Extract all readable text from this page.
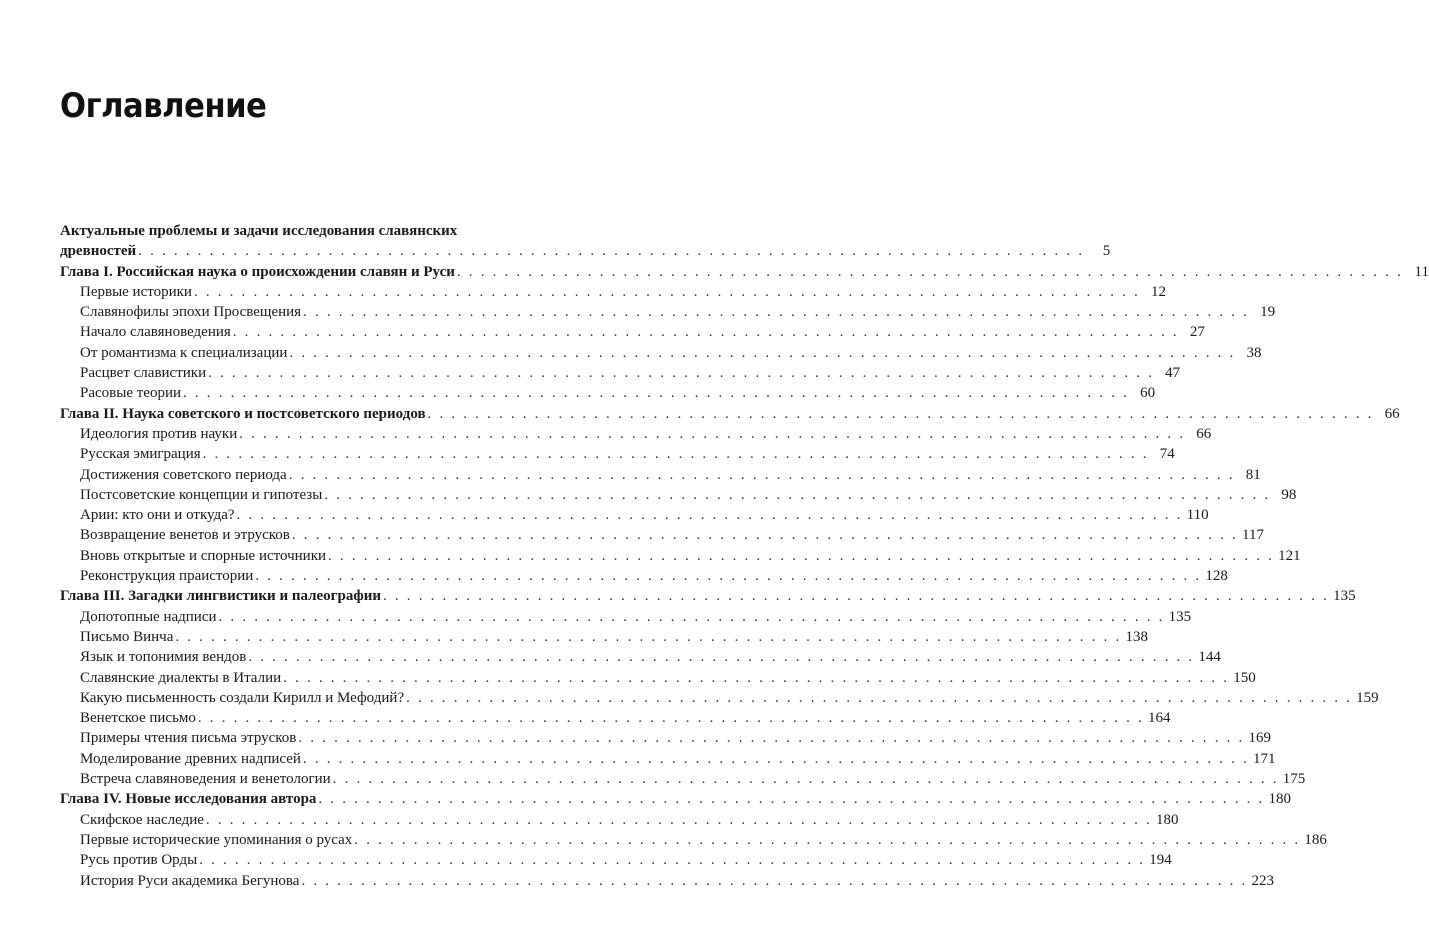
Оглавление
Актуальные проблемы и задачи исследования славянских
древностей . . . . . . . . . . . . . . . . . . . . . . . . . . . . . . . . . . . . . . . . . . . . . . . . . . . . . . . . . . . . . . . . . . . . . . . . . . . . . . . .	5
Глава I. Российская наука о происхождении славян и Руси . . . . . . . . . . . . . . . . . . . . . . . . . . . . . . . . . . . . . . . . . . . . . . . . . . . . . . . . . . . . . . . . . . . . . . . . . . . . . . . . 11
Первые историки . . . . . . . . . . . . . . . . . . . . . . . . . . . . . . . . . . . . . . . . . . . . . . . . . . . . . . . . . . . . . . . . . . . . . . . . . . . . . . . . 12
Славянофилы эпохи Просвещения . . . . . . . . . . . . . . . . . . . . . . . . . . . . . . . . . . . . . . . . . . . . . . . . . . . . . . . . . . . . . . . . . . . . . . . . . . . . . . . . 19
Начало славяноведения . . . . . . . . . . . . . . . . . . . . . . . . . . . . . . . . . . . . . . . . . . . . . . . . . . . . . . . . . . . . . . . . . . . . . . . . . . . . . . . . 27
От романтизма к специализации . . . . . . . . . . . . . . . . . . . . . . . . . . . . . . . . . . . . . . . . . . . . . . . . . . . . . . . . . . . . . . . . . . . . . . . . . . . . . . . . 38
Расцвет славистики . . . . . . . . . . . . . . . . . . . . . . . . . . . . . . . . . . . . . . . . . . . . . . . . . . . . . . . . . . . . . . . . . . . . . . . . . . . . . . . . 47
Расовые теории . . . . . . . . . . . . . . . . . . . . . . . . . . . . . . . . . . . . . . . . . . . . . . . . . . . . . . . . . . . . . . . . . . . . . . . . . . . . . . . . 60
Глава II. Наука советского и постсоветского периодов . . . . . . . . . . . . . . . . . . . . . . . . . . . . . . . . . . . . . . . . . . . . . . . . . . . . . . . . . . . . . . . . . . . . . . . . . . . . . . . . 66
Идеология против науки . . . . . . . . . . . . . . . . . . . . . . . . . . . . . . . . . . . . . . . . . . . . . . . . . . . . . . . . . . . . . . . . . . . . . . . . . . . . . . . . 66
Русская эмиграция . . . . . . . . . . . . . . . . . . . . . . . . . . . . . . . . . . . . . . . . . . . . . . . . . . . . . . . . . . . . . . . . . . . . . . . . . . . . . . . . 74
Достижения советского периода . . . . . . . . . . . . . . . . . . . . . . . . . . . . . . . . . . . . . . . . . . . . . . . . . . . . . . . . . . . . . . . . . . . . . . . . . . . . . . . . 81
Постсоветские концепции и гипотезы . . . . . . . . . . . . . . . . . . . . . . . . . . . . . . . . . . . . . . . . . . . . . . . . . . . . . . . . . . . . . . . . . . . . . . . . . . . . . . . . 98
Арии: кто они и откуда? . . . . . . . . . . . . . . . . . . . . . . . . . . . . . . . . . . . . . . . . . . . . . . . . . . . . . . . . . . . . . . . . . . . . . . . . . . . . . . . . 110
Возвращение венетов и этрусков . . . . . . . . . . . . . . . . . . . . . . . . . . . . . . . . . . . . . . . . . . . . . . . . . . . . . . . . . . . . . . . . . . . . . . . . . . . . . . . . 117
Вновь открытые и спорные источники . . . . . . . . . . . . . . . . . . . . . . . . . . . . . . . . . . . . . . . . . . . . . . . . . . . . . . . . . . . . . . . . . . . . . . . . . . . . . . . . 121
Реконструкция праистории . . . . . . . . . . . . . . . . . . . . . . . . . . . . . . . . . . . . . . . . . . . . . . . . . . . . . . . . . . . . . . . . . . . . . . . . . . . . . . . . 128
Глава III. Загадки лингвистики и палеографии . . . . . . . . . . . . . . . . . . . . . . . . . . . . . . . . . . . . . . . . . . . . . . . . . . . . . . . . . . . . . . . . . . . . . . . . . . . . . . . . 135
Допотопные надписи . . . . . . . . . . . . . . . . . . . . . . . . . . . . . . . . . . . . . . . . . . . . . . . . . . . . . . . . . . . . . . . . . . . . . . . . . . . . . . . . 135
Письмо Винча . . . . . . . . . . . . . . . . . . . . . . . . . . . . . . . . . . . . . . . . . . . . . . . . . . . . . . . . . . . . . . . . . . . . . . . . . . . . . . . . 138
Язык и топонимия вендов . . . . . . . . . . . . . . . . . . . . . . . . . . . . . . . . . . . . . . . . . . . . . . . . . . . . . . . . . . . . . . . . . . . . . . . . . . . . . . . . 144
Славянские диалекты в Италии . . . . . . . . . . . . . . . . . . . . . . . . . . . . . . . . . . . . . . . . . . . . . . . . . . . . . . . . . . . . . . . . . . . . . . . . . . . . . . . . 150
Какую письменность создали Кирилл и Мефодий? . . . . . . . . . . . . . . . . . . . . . . . . . . . . . . . . . . . . . . . . . . . . . . . . . . . . . . . . . . . . . . . . . . . . . . . . . . . . . . . . 159
Венетское письмо . . . . . . . . . . . . . . . . . . . . . . . . . . . . . . . . . . . . . . . . . . . . . . . . . . . . . . . . . . . . . . . . . . . . . . . . . . . . . . . . 164
Примеры чтения письма этрусков . . . . . . . . . . . . . . . . . . . . . . . . . . . . . . . . . . . . . . . . . . . . . . . . . . . . . . . . . . . . . . . . . . . . . . . . . . . . . . . . 169
Моделирование древних надписей . . . . . . . . . . . . . . . . . . . . . . . . . . . . . . . . . . . . . . . . . . . . . . . . . . . . . . . . . . . . . . . . . . . . . . . . . . . . . . . . 171
Встреча славяноведения и венетологии . . . . . . . . . . . . . . . . . . . . . . . . . . . . . . . . . . . . . . . . . . . . . . . . . . . . . . . . . . . . . . . . . . . . . . . . . . . . . . . . 175
Глава IV. Новые исследования автора . . . . . . . . . . . . . . . . . . . . . . . . . . . . . . . . . . . . . . . . . . . . . . . . . . . . . . . . . . . . . . . . . . . . . . . . . . . . . . . . 180
Скифское наследие . . . . . . . . . . . . . . . . . . . . . . . . . . . . . . . . . . . . . . . . . . . . . . . . . . . . . . . . . . . . . . . . . . . . . . . . . . . . . . . . 180
Первые исторические упоминания о русах . . . . . . . . . . . . . . . . . . . . . . . . . . . . . . . . . . . . . . . . . . . . . . . . . . . . . . . . . . . . . . . . . . . . . . . . . . . . . . . . 186
Русь против Орды . . . . . . . . . . . . . . . . . . . . . . . . . . . . . . . . . . . . . . . . . . . . . . . . . . . . . . . . . . . . . . . . . . . . . . . . . . . . . . . . 194
История Руси академика Бегунова . . . . . . . . . . . . . . . . . . . . . . . . . . . . . . . . . . . . . . . . . . . . . . . . . . . . . . . . . . . . . . . . . . . . . . . . . . . . . . . . 223
